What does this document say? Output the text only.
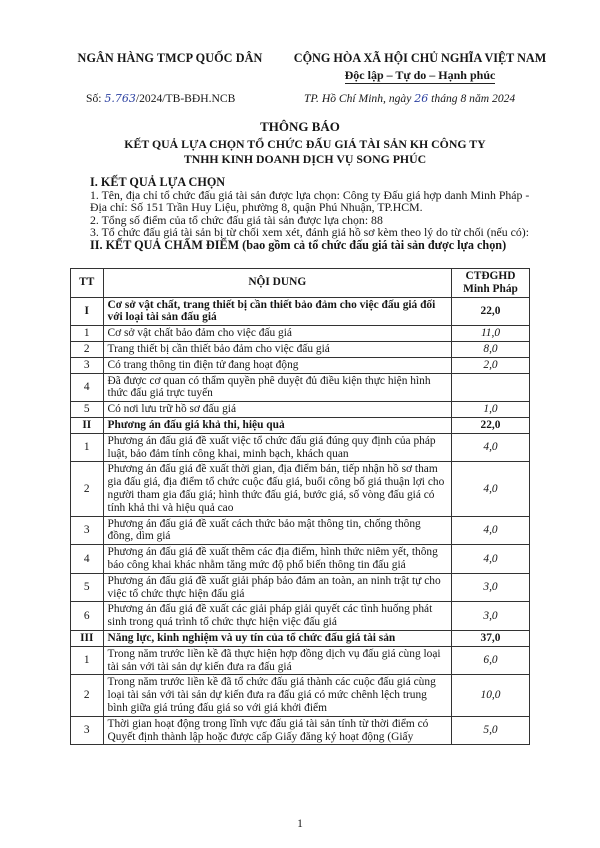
NGÂN HÀNG TMCP QUỐC DÂN	CỘNG HÒA XÃ HỘI CHỦ NGHĨA VIỆT NAM
Độc lập – Tự do – Hạnh phúc
Số: 5.763/2024/TB-BĐH.NCB	TP. Hồ Chí Minh, ngày 26 tháng 8 năm 2024
THÔNG BÁO
KẾT QUẢ LỰA CHỌN TỔ CHỨC ĐẤU GIÁ TÀI SẢN KH CÔNG TY TNHH KINH DOANH DỊCH VỤ SONG PHÚC
I. KẾT QUẢ LỰA CHỌN

1. Tên, địa chỉ tổ chức đấu giá tài sản được lựa chọn: Công ty Đấu giá hợp danh Minh Pháp -

Địa chỉ: Số 151 Trần Huy Liệu, phường 8, quận Phú Nhuận, TP.HCM.

2. Tổng số điểm của tổ chức đấu giá tài sản được lựa chọn: 88

3. Tổ chức đấu giá tài sản bị từ chối xem xét, đánh giá hồ sơ kèm theo lý do từ chối (nếu có):

II. KẾT QUẢ CHẤM ĐIỂM (bao gồm cả tổ chức đấu giá tài sản được lựa chọn)
TT	NỘI DUNG	CTĐGHD
Minh Pháp
I	Cơ sở vật chất, trang thiết bị cần thiết bảo đảm cho việc đấu giá đối với loại tài sản đấu giá	22,0
1	Cơ sở vật chất bảo đảm cho việc đấu giá	11,0
2	Trang thiết bị cần thiết bảo đảm cho việc đấu giá	8,0
3	Có trang thông tin điện tử đang hoạt động	2,0
4	Đã được cơ quan có thẩm quyền phê duyệt đủ điều kiện thực hiện hình thức đấu giá trực tuyến	
5	Có nơi lưu trữ hồ sơ đấu giá	1,0
II	Phương án đấu giá khả thi, hiệu quả	22,0
1	Phương án đấu giá đề xuất việc tổ chức đấu giá đúng quy định của pháp luật, bảo đảm tính công khai, minh bạch, khách quan	4,0
2	Phương án đấu giá đề xuất thời gian, địa điểm bán, tiếp nhận hồ sơ tham gia đấu giá, địa điểm tổ chức cuộc đấu giá, buổi công bố giá thuận lợi cho người tham gia đấu giá; hình thức đấu giá, bước giá, số vòng đấu giá có tính khả thi và hiệu quả cao	4,0
3	Phương án đấu giá đề xuất cách thức bảo mật thông tin, chống thông đồng, dìm giá	4,0
4	Phương án đấu giá đề xuất thêm các địa điểm, hình thức niêm yết, thông báo công khai khác nhằm tăng mức độ phổ biến thông tin đấu giá	4,0
5	Phương án đấu giá đề xuất giải pháp bảo đảm an toàn, an ninh trật tự cho việc tổ chức thực hiện đấu giá	3,0
6	Phương án đấu giá đề xuất các giải pháp giải quyết các tình huống phát sinh trong quá trình tổ chức thực hiện việc đấu giá	3,0
III	Năng lực, kinh nghiệm và uy tín của tổ chức đấu giá tài sản	37,0
1	Trong năm trước liền kề đã thực hiện hợp đồng dịch vụ đấu giá cùng loại tài sản với tài sản dự kiến đưa ra đấu giá	6,0
2	Trong năm trước liền kề đã tổ chức đấu giá thành các cuộc đấu giá cùng loại tài sản với tài sản dự kiến đưa ra đấu giá có mức chênh lệch trung bình giữa giá trúng đấu giá so với giá khởi điểm	10,0
3	Thời gian hoạt động trong lĩnh vực đấu giá tài sản tính từ thời điểm có Quyết định thành lập hoặc được cấp Giấy đăng ký hoạt động (Giấy	5,0
1
